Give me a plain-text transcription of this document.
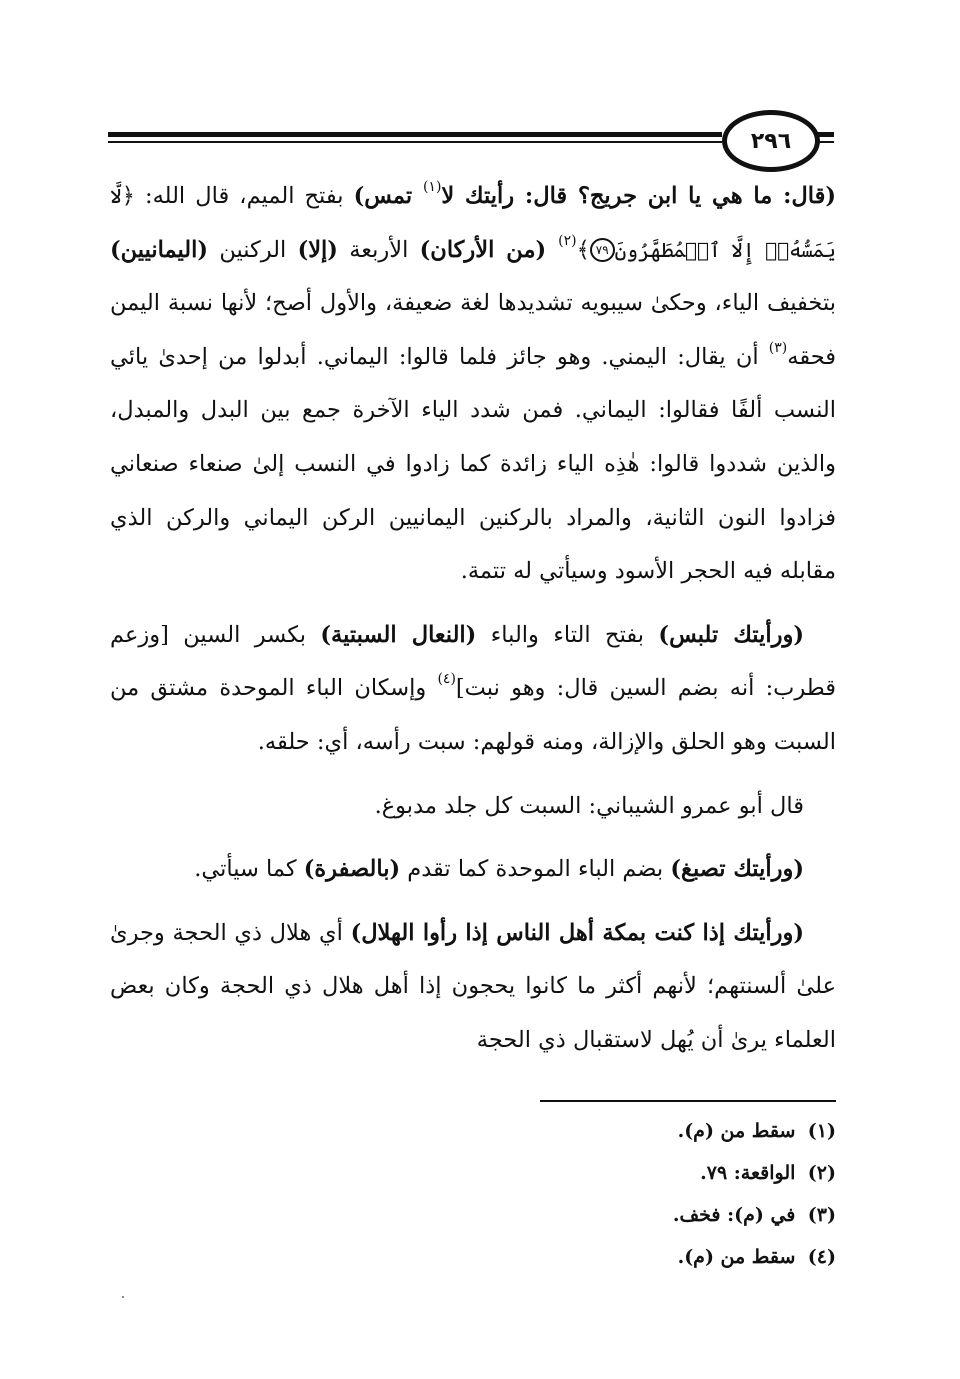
٢٩٦

(قال: ما هي يا ابن جريج؟ قال: رأيتك لا$^{(١)}$ تمس) بفتح الميم، قال الله: ﴿لَّا يَمَسُّهُۥٓ إِلَّا ٱلۡمُطَهَّرُونَ٧٩﴾$^{(٢)}$ (من الأركان) الأربعة (إلا) الركنين (اليمانيين) بتخفيف الياء، وحكىٰ سيبويه تشديدها لغة ضعيفة، والأول أصح؛ لأنها نسبة اليمن فحقه$^{(٣)}$ أن يقال: اليمني. وهو جائز فلما قالوا: اليماني. أبدلوا من إحدىٰ يائي النسب ألفًا فقالوا: اليماني. فمن شدد الياء الآخرة جمع بين البدل والمبدل، والذين شددوا قالوا: هٰذِه الياء زائدة كما زادوا في النسب إلىٰ صنعاء صنعاني فزادوا النون الثانية، والمراد بالركنين اليمانيين الركن اليماني والركن الذي مقابله فيه الحجر الأسود وسيأتي له تتمة.

(ورأيتك تلبس) بفتح التاء والباء (النعال السبتية) بكسر السين [وزعم قطرب: أنه بضم السين قال: وهو نبت]$^{(٤)}$ وإسكان الباء الموحدة مشتق من السبت وهو الحلق والإزالة، ومنه قولهم: سبت رأسه، أي: حلقه.

قال أبو عمرو الشيباني: السبت كل جلد مدبوغ.

(ورأيتك تصبغ) بضم الباء الموحدة كما تقدم (بالصفرة) كما سيأتي.

(ورأيتك إذا كنت بمكة أهل الناس إذا رأوا الهلال) أي هلال ذي الحجة وجرىٰ علىٰ ألسنتهم؛ لأنهم أكثر ما كانوا يحجون إذا أهل هلال ذي الحجة وكان بعض العلماء يرىٰ أن يُهل لاستقبال ذي الحجة

(١) سقط من (م).
(٢) الواقعة: ٧٩.
(٣) في (م): فخف.
(٤) سقط من (م).
